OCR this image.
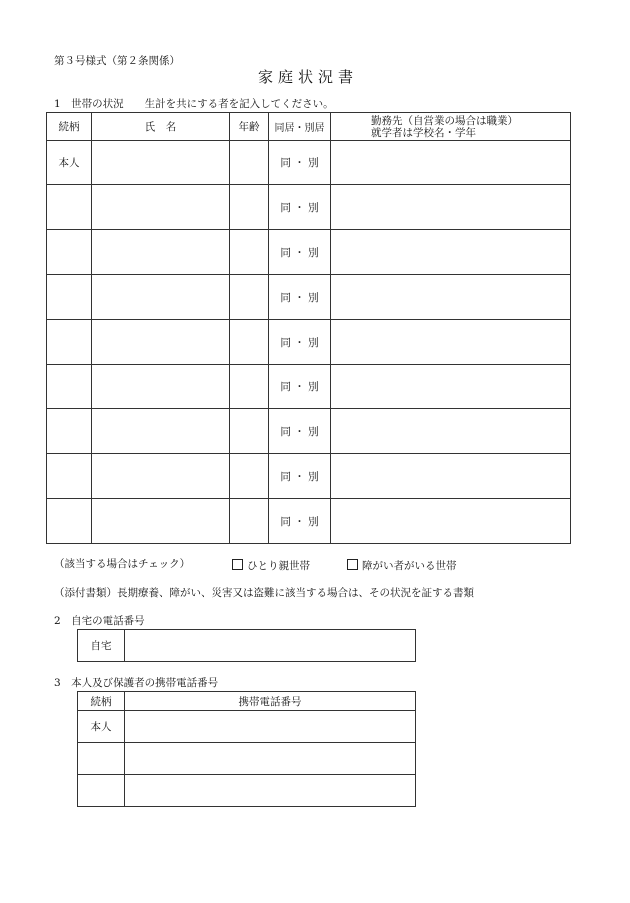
第３号様式（第２条関係）
家庭状況書
1　世帯の状況　　生計を共にする者を記入してください。
続柄	氏　名	年齢	同居・別居	勤務先（自営業の場合は職業）
就学者は学校名・学年

本人			同 ・ 別	
			同 ・ 別	
			同 ・ 別	
			同 ・ 別	
			同 ・ 別	
			同 ・ 別	
			同 ・ 別	
			同 ・ 別	
			同 ・ 別	
（該当する場合はチェック）	ひとり親世帯	障がい者がいる世帯
（添付書類）長期療養、障がい、災害又は盗難に該当する場合は、その状況を証する書類
2　自宅の電話番号
自宅	
3　本人及び保護者の携帯電話番号
続柄	携帯電話番号
本人	
